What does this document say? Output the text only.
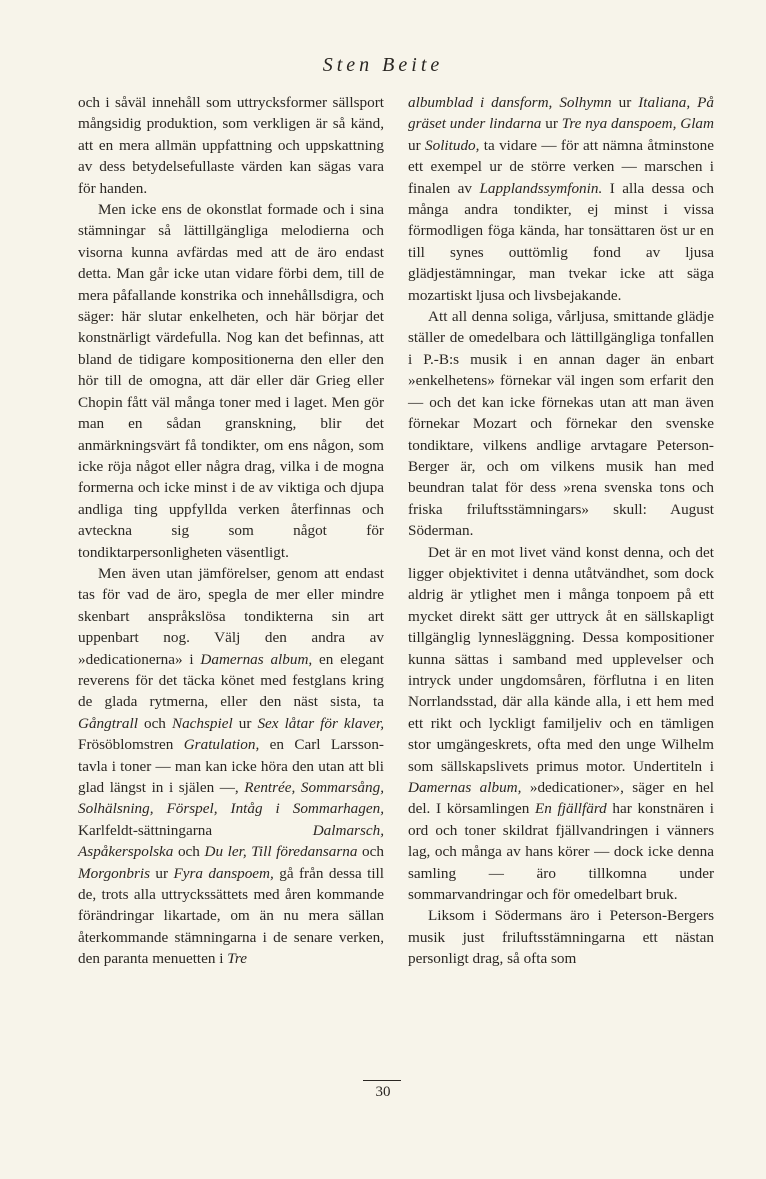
Sten Beite

och i såväl innehåll som uttrycksformer sällsport mångsidig produktion, som verkligen är så känd, att en mera allmän uppfattning och uppskattning av dess betydelsefullaste värden kan sägas vara för handen.

Men icke ens de okonstlat formade och i sina stämningar så lättillgängliga melodierna och visorna kunna avfärdas med att de äro endast detta. Man går icke utan vidare förbi dem, till de mera påfallande konstrika och innehållsdigra, och säger: här slutar enkelheten, och här börjar det konstnärligt värdefulla. Nog kan det befinnas, att bland de tidigare kompositionerna den eller den hör till de omogna, att där eller där Grieg eller Chopin fått väl många toner med i laget. Men gör man en sådan granskning, blir det anmärkningsvärt få tondikter, om ens någon, som icke röja något eller några drag, vilka i de mogna formerna och icke minst i de av viktiga och djupa andliga ting uppfyllda verken återfinnas och avteckna sig som något för tondiktarpersonligheten väsentligt.

Men även utan jämförelser, genom att endast tas för vad de äro, spegla de mer eller mindre skenbart anspråkslösa tondikterna sin art uppenbart nog. Välj den andra av »dedicationerna» i Damernas album, en elegant reverens för det täcka könet med festglans kring de glada rytmerna, eller den näst sista, ta Gångtrall och Nachspiel ur Sex låtar för klaver, Frösöblomstren Gratulation, en Carl Larsson-tavla i toner — man kan icke höra den utan att bli glad längst in i själen —, Rentrée, Sommarsång, Solhälsning, Förspel, Intåg i Sommarhagen, Karlfeldt-sättningarna Dalmarsch, Aspåkerspolska och Du ler, Till föredansarna och Morgonbris ur Fyra danspoem, gå från dessa till de, trots alla uttryckssättets med åren kommande förändringar likartade, om än nu mera sällan återkommande stämningarna i de senare verken, den paranta menuetten i Tre

albumblad i dansform, Solhymn ur Italiana, På gräset under lindarna ur Tre nya danspoem, Glam ur Solitudo, ta vidare — för att nämna åtminstone ett exempel ur de större verken — marschen i finalen av Lapplandssymfonin. I alla dessa och många andra tondikter, ej minst i vissa förmodligen föga kända, har tonsättaren öst ur en till synes outtömlig fond av ljusa glädjestämningar, man tvekar icke att säga mozartiskt ljusa och livsbejakande.

Att all denna soliga, vårljusa, smittande glädje ställer de omedelbara och lättillgängliga tonfallen i P.-B:s musik i en annan dager än enbart »enkelhetens» förnekar väl ingen som erfarit den — och det kan icke förnekas utan att man även förnekar Mozart och förnekar den svenske tondiktare, vilkens andlige arvtagare Peterson-Berger är, och om vilkens musik han med beundran talat för dess »rena svenska tons och friska friluftsstämningars» skull: August Söderman.

Det är en mot livet vänd konst denna, och det ligger objektivitet i denna utåtvändhet, som dock aldrig är ytlighet men i många tonpoem på ett mycket direkt sätt ger uttryck åt en sällskapligt tillgänglig lynnesläggning. Dessa kompositioner kunna sättas i samband med upplevelser och intryck under ungdomsåren, förflutna i en liten Norrlandsstad, där alla kände alla, i ett hem med ett rikt och lyckligt familjeliv och en tämligen stor umgängeskrets, ofta med den unge Wilhelm som sällskapslivets primus motor. Undertiteln i Damernas album, »dedicationer», säger en hel del. I körsamlingen En fjällfärd har konstnären i ord och toner skildrat fjällvandringen i vänners lag, och många av hans körer — dock icke denna samling — äro tillkomna under sommarvandringar och för omedelbart bruk.

Liksom i Södermans äro i Peterson-Bergers musik just friluftsstämningarna ett nästan personligt drag, så ofta som

30
